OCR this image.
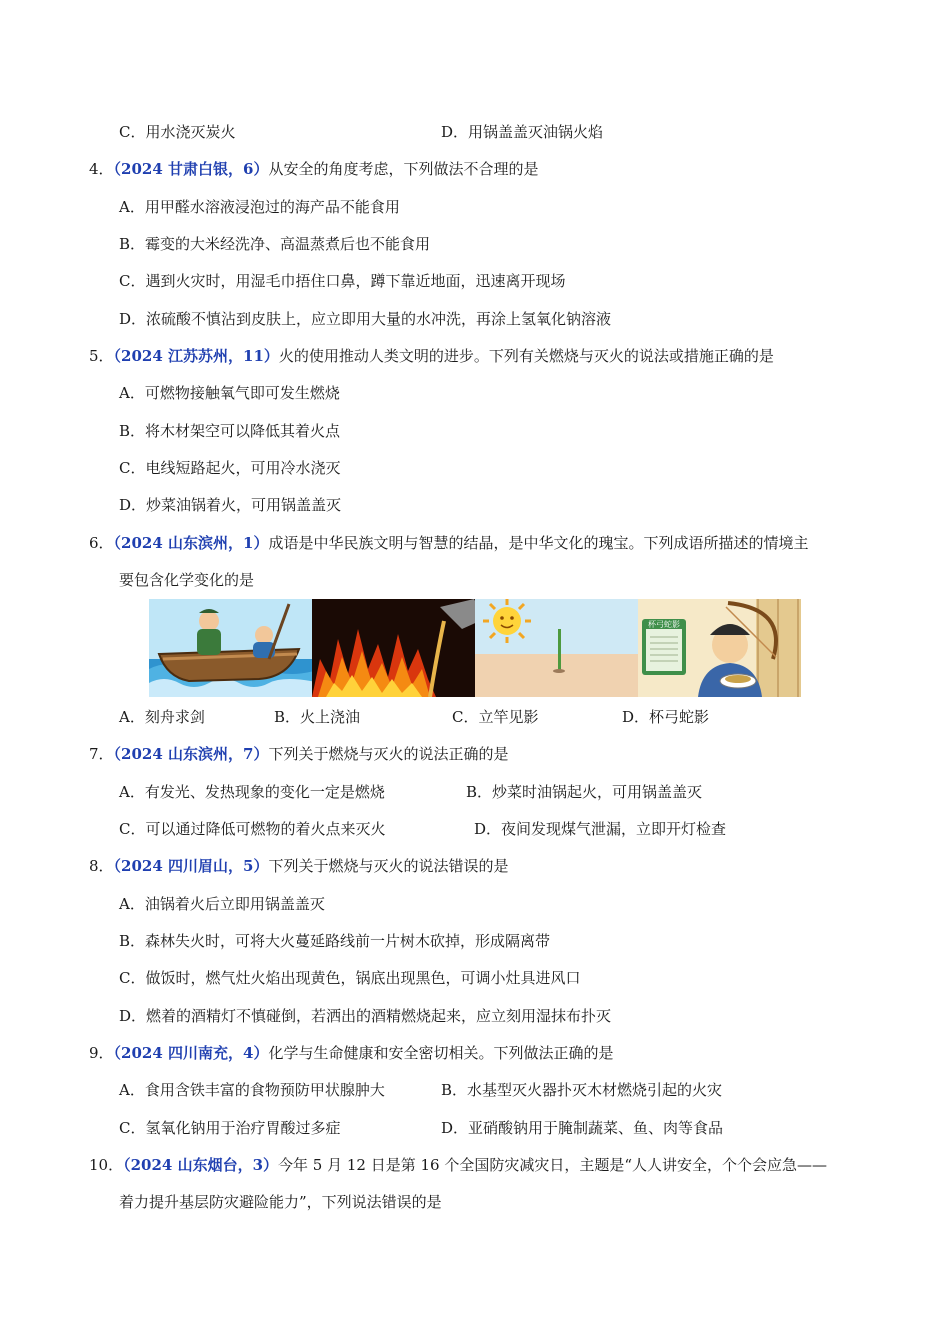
C．用水浇灭炭火	D．用锅盖盖灭油锅火焰
4．（2024 甘肃白银，6）从安全的角度考虑，下列做法不合理的是
A．用甲醛水溶液浸泡过的海产品不能食用
B．霉变的大米经洗净、高温蒸煮后也不能食用
C．遇到火灾时，用湿毛巾捂住口鼻，蹲下靠近地面，迅速离开现场
D．浓硫酸不慎沾到皮肤上，应立即用大量的水冲洗，再涂上氢氧化钠溶液
5．（2024 江苏苏州，11）火的使用推动人类文明的进步。下列有关燃烧与灭火的说法或措施正确的是
A．可燃物接触氧气即可发生燃烧
B．将木材架空可以降低其着火点
C．电线短路起火，可用冷水浇灭
D．炒菜油锅着火，可用锅盖盖灭
6．（2024 山东滨州，1）成语是中华民族文明与智慧的结晶，是中华文化的瑰宝。下列成语所描述的情境主
要包含化学变化的是
杯弓蛇影
A．刻舟求剑	B．火上浇油	C．立竿见影	D．杯弓蛇影
7．（2024 山东滨州，7）下列关于燃烧与灭火的说法正确的是
A．有发光、发热现象的变化一定是燃烧	B．炒菜时油锅起火，可用锅盖盖灭
C．可以通过降低可燃物的着火点来灭火	D．夜间发现煤气泄漏，立即开灯检查
8．（2024 四川眉山，5）下列关于燃烧与灭火的说法错误的是
A．油锅着火后立即用锅盖盖灭
B．森林失火时，可将大火蔓延路线前一片树木砍掉，形成隔离带
C．做饭时，燃气灶火焰出现黄色，锅底出现黑色，可调小灶具进风口
D．燃着的酒精灯不慎碰倒，若洒出的酒精燃烧起来，应立刻用湿抹布扑灭
9．（2024 四川南充，4）化学与生命健康和安全密切相关。下列做法正确的是
A．食用含铁丰富的食物预防甲状腺肿大	B．水基型灭火器扑灭木材燃烧引起的火灾
C．氢氧化钠用于治疗胃酸过多症	D．亚硝酸钠用于腌制蔬菜、鱼、肉等食品
10．（2024 山东烟台，3）今年 5 月 12 日是第 16 个全国防灾减灾日，主题是“人人讲安全，个个会应急——
着力提升基层防灾避险能力”，下列说法错误的是
